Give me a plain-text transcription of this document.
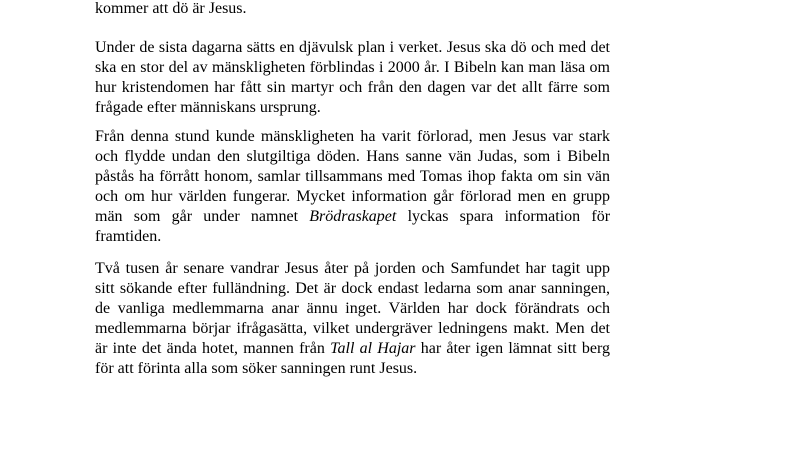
kommer att dö är Jesus.
Under de sista dagarna sätts en djävulsk plan i verket. Jesus ska dö och med det
ska en stor del av mänskligheten förblindas i 2000 år. I Bibeln kan man läsa om
hur kristendomen har fått sin martyr och från den dagen var det allt färre som
frågade efter människans ursprung.
Från denna stund kunde mänskligheten ha varit förlorad, men Jesus var stark
och flydde undan den slutgiltiga döden. Hans sanne vän Judas, som i Bibeln
påstås ha förrått honom, samlar tillsammans med Tomas ihop fakta om sin vän
och om hur världen fungerar. Mycket information går förlorad men en grupp
män som går under namnet Brödraskapet lyckas spara information för
framtiden.
Två tusen år senare vandrar Jesus åter på jorden och Samfundet har tagit upp
sitt sökande efter fulländning. Det är dock endast ledarna som anar sanningen,
de vanliga medlemmarna anar ännu inget. Världen har dock förändrats och
medlemmarna börjar ifrågasätta, vilket undergräver ledningens makt. Men det
är inte det ända hotet, mannen från Tall al Hajar har åter igen lämnat sitt berg
för att förinta alla som söker sanningen runt Jesus.
